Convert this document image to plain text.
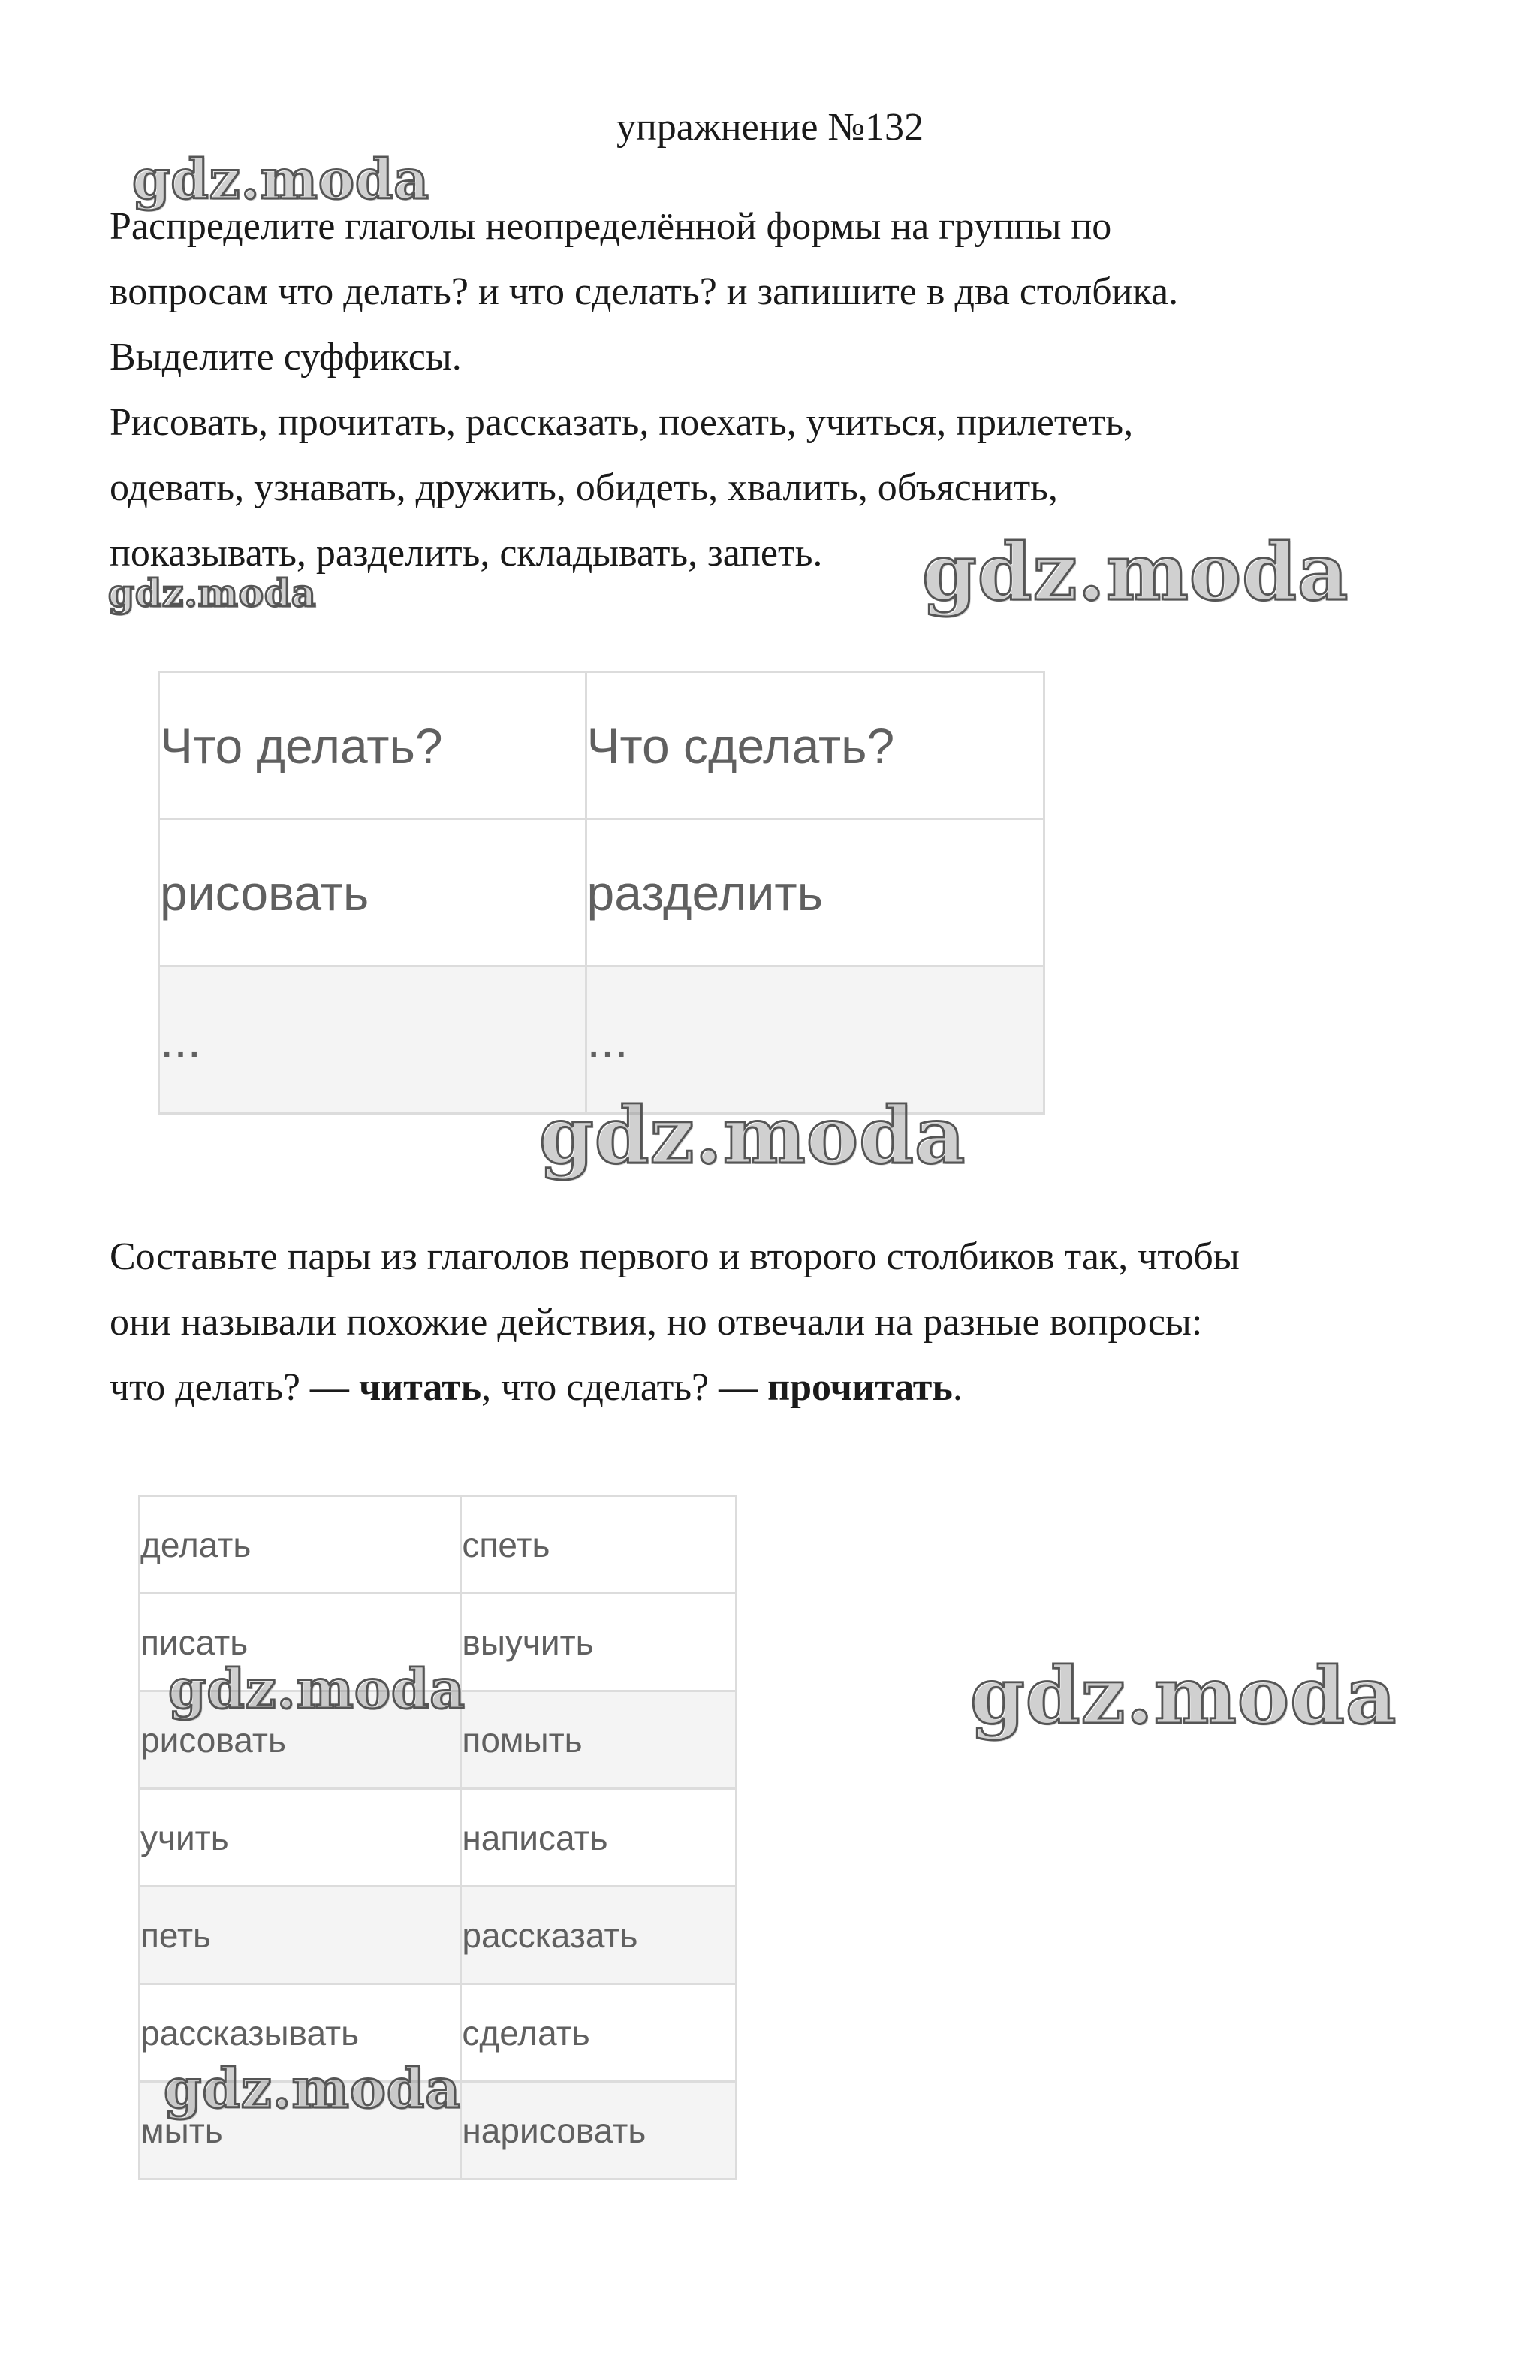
упражнение №132

Распределите глаголы неопределённой формы на группы по

вопросам что делать? и что сделать? и запишите в два столбика.

Выделите суффиксы.

Рисовать, прочитать, рассказать, поехать, учиться, прилететь,

одевать, узнавать, дружить, обидеть, хвалить, объяснить,

показывать, разделить, складывать, запеть.

Что делать?	Что сделать?
рисовать	разделить
...	...

Составьте пары из глаголов первого и второго столбиков так, чтобы

они называли похожие действия, но отвечали на разные вопросы:

что делать? — читать, что сделать? — прочитать.

делать	спеть
писать	выучить
рисовать	помыть
учить	написать
петь	рассказать
рассказывать	сделать
мыть	нарисовать
gdz.moda
gdz.moda
gdz.moda
gdz.moda
gdz.moda	gdz.moda
gdz.moda
